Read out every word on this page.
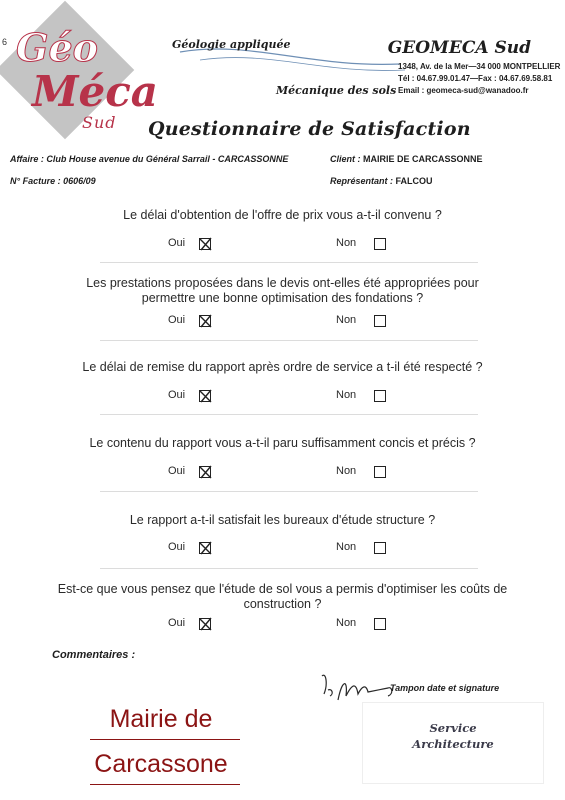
6 Géo
Méca
Sud
Géologie appliquée
Mécanique des sols
GEOMECA Sud
1348, Av. de la Mer—34 000 MONTPELLIER
Tél : 04.67.99.01.47—Fax : 04.67.69.58.81
Email : geomeca-sud@wanadoo.fr
Questionnaire de Satisfaction
Affaire : Club House avenue du Général Sarrail - CARCASSONNE	Client : MAIRIE DE CARCASSONNE
N° Facture : 0606/09	Représentant : FALCOU
Le délai d'obtention de l'offre de prix vous a-t-il convenu ?
Oui	Non
Les prestations proposées dans le devis ont-elles été appropriées pour
permettre une bonne optimisation des fondations ?
Oui	Non
Le délai de remise du rapport après ordre de service a t-il été respecté ?
Oui	Non
Le contenu du rapport vous a-t-il paru suffisamment concis et précis ?
Oui	Non
Le rapport a-t-il satisfait les bureaux d'étude structure ?
Oui	Non
Est-ce que vous pensez que l'étude de sol vous a permis d'optimiser les coûts de
construction ?
Oui	Non
Commentaires :
Tampon date et signature
Mairie de
Carcassone
Service
Architecture
